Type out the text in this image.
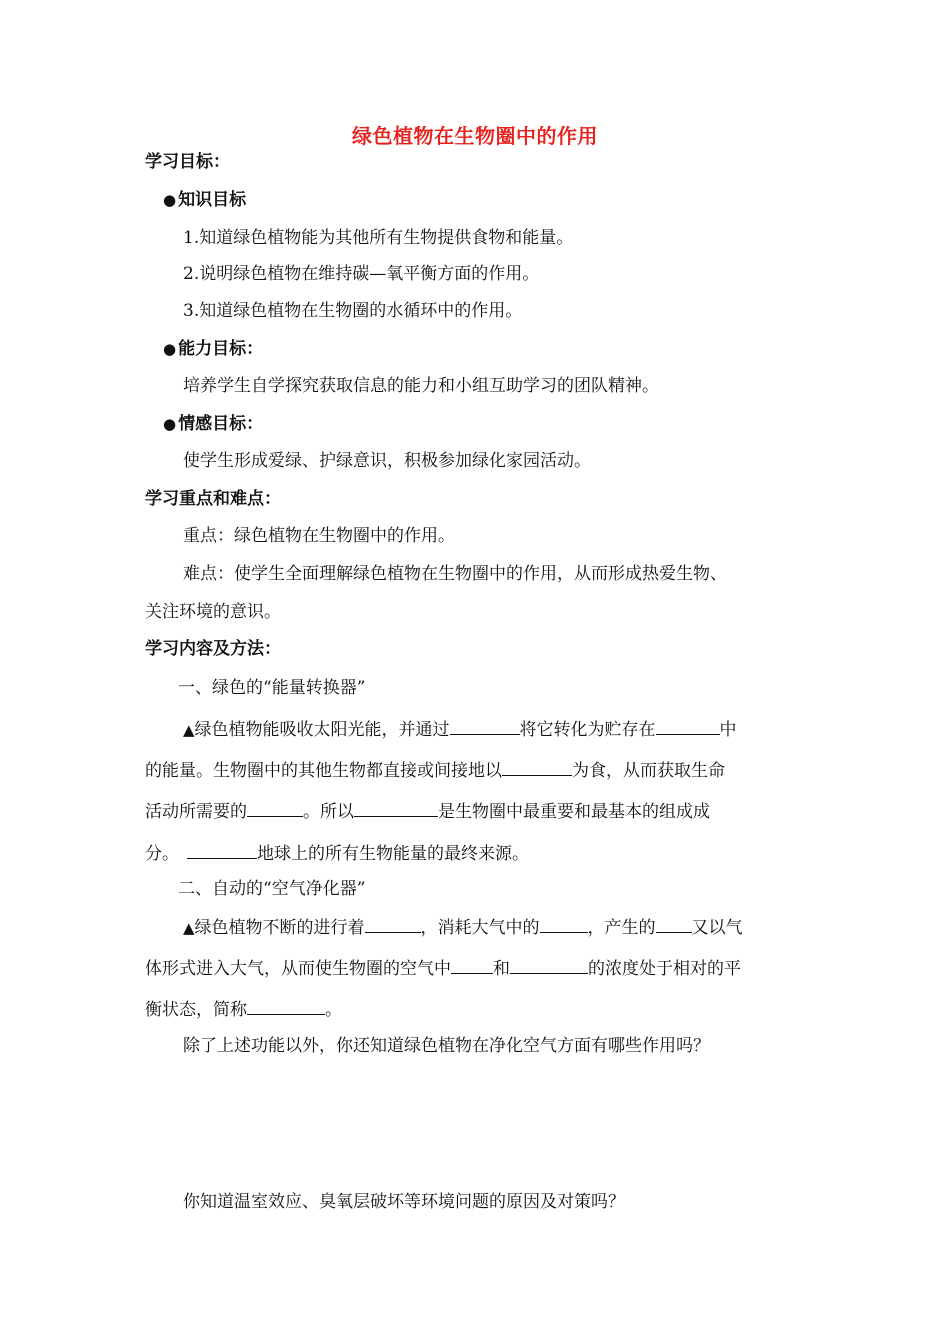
绿色植物在生物圈中的作用
学习目标：
● 知识目标
1.知道绿色植物能为其他所有生物提供食物和能量。
2.说明绿色植物在维持碳—氧平衡方面的作用。
3.知道绿色植物在生物圈的水循环中的作用。
● 能力目标：
培养学生自学探究获取信息的能力和小组互助学习的团队精神。
● 情感目标：
使学生形成爱绿、护绿意识，积极参加绿化家园活动。
学习重点和难点：
重点：绿色植物在生物圈中的作用。
难点：使学生全面理解绿色植物在生物圈中的作用，从而形成热爱生物、
关注环境的意识。
学习内容及方法：
一、绿色的“能量转换器”
▲绿色植物能吸收太阳光能，并通过	将它转化为贮存在	中
的能量。生物圈中的其他生物都直接或间接地以	为食，从而获取生命
活动所需要的	。所以	是生物圈中最重要和最基本的组成成
分。	地球上的所有生物能量的最终来源。
二、自动的“空气净化器”
▲绿色植物不断的进行着	，消耗大气中的	，产生的 又以气
体形式进入大气，从而使生物圈的空气中 和	的浓度处于相对的平
衡状态，简称	。
除了上述功能以外，你还知道绿色植物在净化空气方面有哪些作用吗？
你知道温室效应、臭氧层破坏等环境问题的原因及对策吗？
